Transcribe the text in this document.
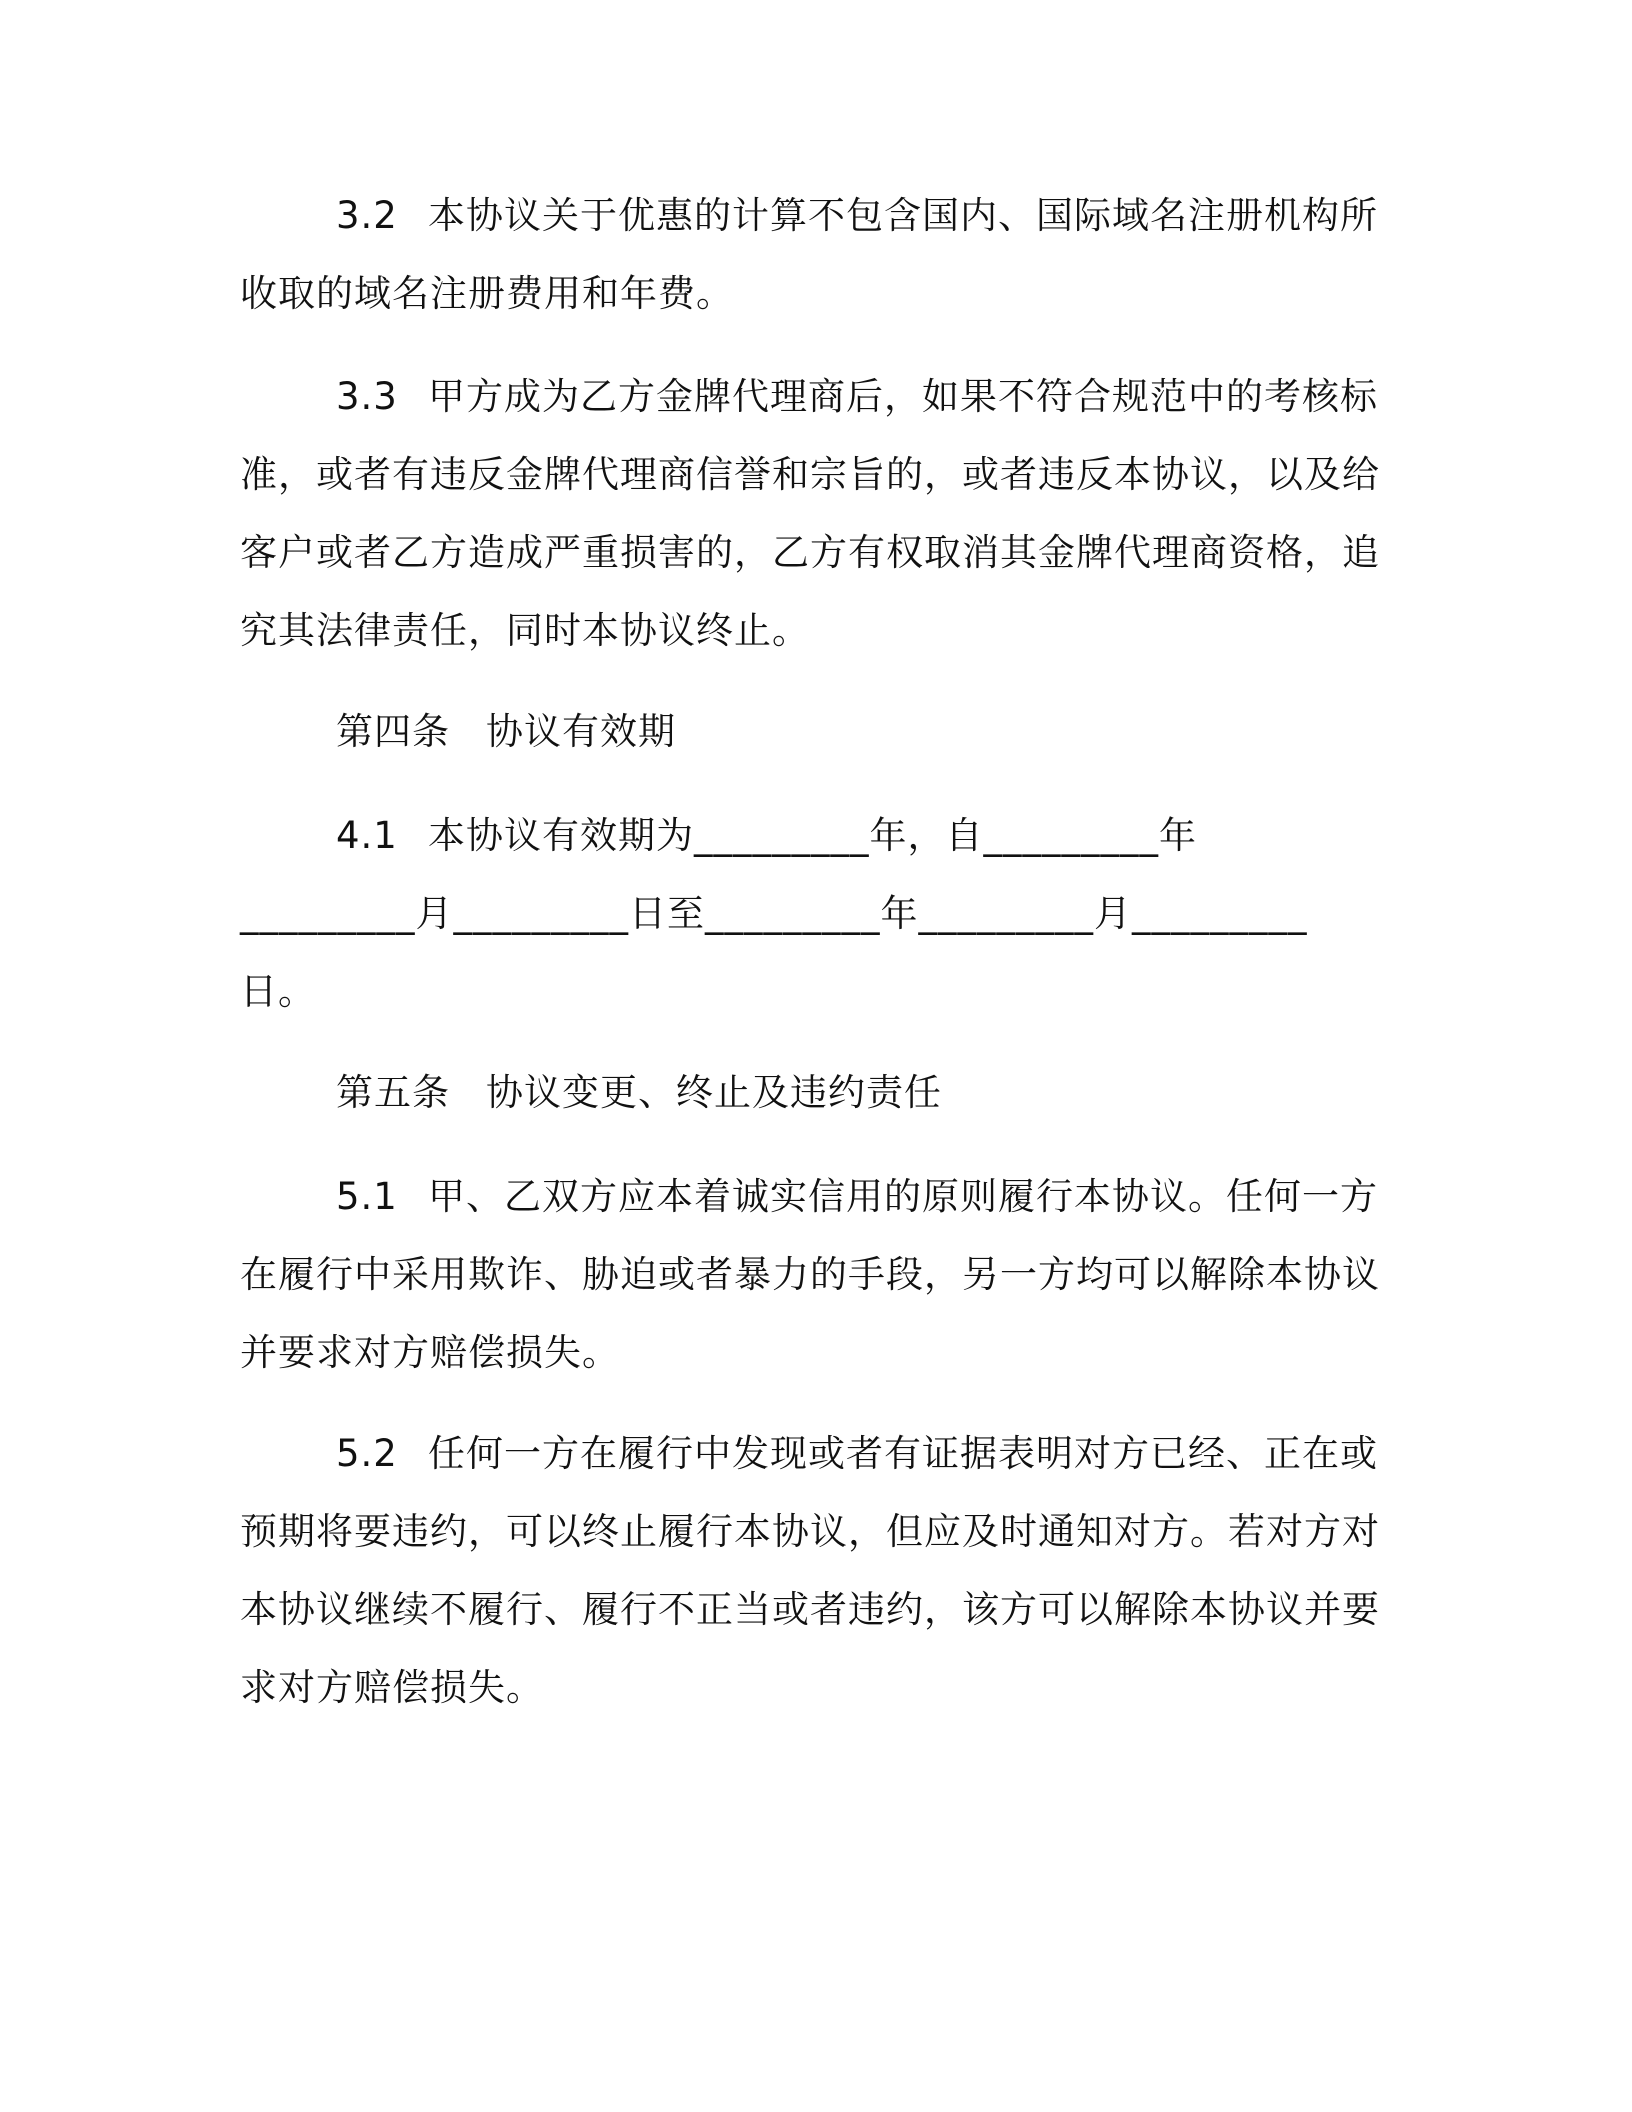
3.2 本协议关于优惠的计算不包含国内、国际域名注册机构所
收取的域名注册费用和年费。
3.3 甲方成为乙方金牌代理商后，如果不符合规范中的考核标
准，或者有违反金牌代理商信誉和宗旨的，或者违反本协议，以及给
客户或者乙方造成严重损害的，乙方有权取消其金牌代理商资格，追
究其法律责任，同时本协议终止。
第四条 协议有效期
4.1 本协议有效期为_________年，自_________年
_________月_________日至_________年_________月_________
日。
第五条 协议变更、终止及违约责任
5.1 甲、乙双方应本着诚实信用的原则履行本协议。任何一方
在履行中采用欺诈、胁迫或者暴力的手段，另一方均可以解除本协议
并要求对方赔偿损失。
5.2 任何一方在履行中发现或者有证据表明对方已经、正在或
预期将要违约，可以终止履行本协议，但应及时通知对方。若对方对
本协议继续不履行、履行不正当或者违约，该方可以解除本协议并要
求对方赔偿损失。
